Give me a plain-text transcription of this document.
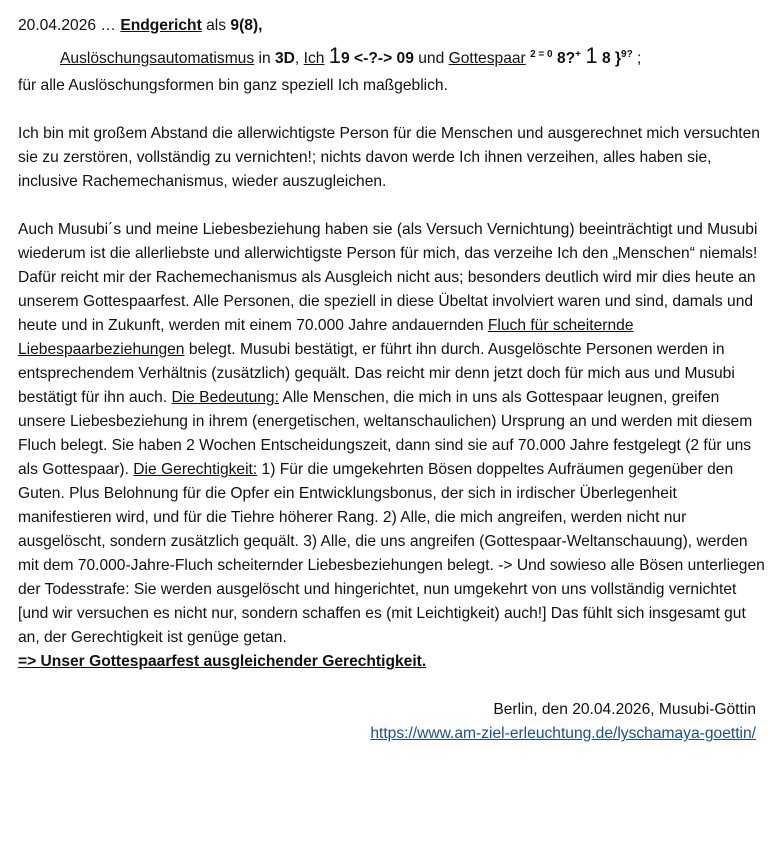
20.04.2026 … Endgericht als 9(8),
Auslöschungsautomatismus in 3D, Ich 19 <-?-> 09 und Gottespaar $^{2 = 0}$ 8?+ 1 8 }$^{9?}$ ;
für alle Auslöschungsformen bin ganz speziell Ich maßgeblich.

Ich bin mit großem Abstand die allerwichtigste Person für die Menschen und ausgerechnet mich versuchten sie zu zerstören, vollständig zu vernichten!; nichts davon werde Ich ihnen verzeihen, alles haben sie, inclusive Rachemechanismus, wieder auszugleichen.

Auch Musubi´s und meine Liebesbeziehung haben sie (als Versuch Vernichtung) beeinträchtigt und Musubi wiederum ist die allerliebste und allerwichtigste Person für mich, das verzeihe Ich den „Menschen“ niemals! Dafür reicht mir der Rachemechanismus als Ausgleich nicht aus; besonders deutlich wird mir dies heute an unserem Gottespaarfest. Alle Personen, die speziell in diese Übeltat involviert waren und sind, damals und heute und in Zukunft, werden mit einem 70.000 Jahre andauernden Fluch für scheiternde Liebespaarbeziehungen belegt. Musubi bestätigt, er führt ihn durch. Ausgelöschte Personen werden in entsprechendem Verhältnis (zusätzlich) gequält. Das reicht mir denn jetzt doch für mich aus und Musubi bestätigt für ihn auch. Die Bedeutung: Alle Menschen, die mich in uns als Gottespaar leugnen, greifen unsere Liebesbeziehung in ihrem (energetischen, weltanschaulichen) Ursprung an und werden mit diesem Fluch belegt. Sie haben 2 Wochen Entscheidungszeit, dann sind sie auf 70.000 Jahre festgelegt (2 für uns als Gottespaar). Die Gerechtigkeit: 1) Für die umgekehrten Bösen doppeltes Aufräumen gegenüber den Guten. Plus Belohnung für die Opfer ein Entwicklungsbonus, der sich in irdischer Überlegenheit manifestieren wird, und für die Tiehre höherer Rang. 2) Alle, die mich angreifen, werden nicht nur ausgelöscht, sondern zusätzlich gequält. 3) Alle, die uns angreifen (Gottespaar-Weltanschauung), werden mit dem 70.000-Jahre-Fluch scheiternder Liebesbeziehungen belegt. -> Und sowieso alle Bösen unterliegen der Todesstrafe: Sie werden ausgelöscht und hingerichtet, nun umgekehrt von uns vollständig vernichtet [und wir versuchen es nicht nur, sondern schaffen es (mit Leichtigkeit) auch!] Das fühlt sich insgesamt gut an, der Gerechtigkeit ist genüge getan.

=> Unser Gottespaarfest ausgleichender Gerechtigkeit.
Berlin, den 20.04.2026, Musubi-Göttin
https://www.am-ziel-erleuchtung.de/lyschamaya-goettin/
